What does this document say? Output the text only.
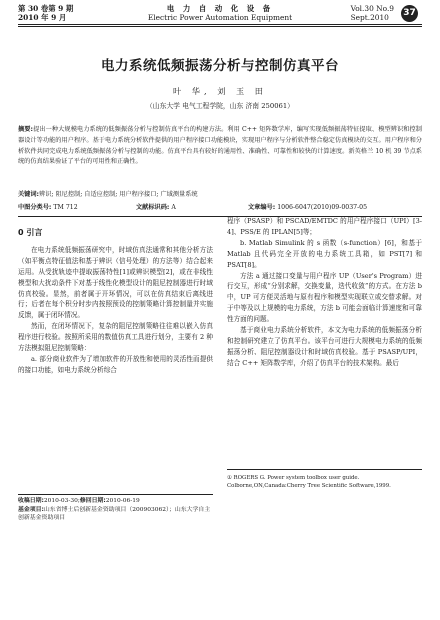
第 30 卷第 9 期
2010 年 9 月
电 力 自 动 化 设 备
Electric Power Automation Equipment
Vol.30 No.9
Sept.2010	37
电力系统低频振荡分析与控制仿真平台
叶 华, 刘 玉 田
（山东大学 电气工程学院，山东 济南 250061）
摘要:提出一种大规模电力系统的低频振荡分析与控制仿真平台的构建方法。利用 C++ 矩阵数学库，编写实现低频振荡特征提取、模型辨识和控制器设计等功能的用户程序。基于电力系统分析软件提供的用户程序接口功能模块，实现用户程序与分析软件整合稳定仿真模块的交互。用户程序和分析软件共同完成电力系统低频振荡分析与控制的功能。仿真平台具有较好的通用性、准确性、可靠性和较快的计算速度。新英格兰 10 机 39 节点系统的仿真结果验证了平台的可用性和正确性。
关键词:辨识; 阻尼控制; 自适应控制; 用户程序接口; 广域测量系统
中图分类号: TM 712	文献标识码: A	文章编号: 1006-6047(2010)09-0037-05
0 引言

在电力系统低频振荡研究中，时域仿真法通常和其他分析方法（如平衡点特征值法和基于辨识（信号处理）的方法等）结合起来运用。从受扰轨迹中提取振荡特性[1]或辨识模型[2]，或在非线性模型和大扰动条件下对基于线性化模型设计的阻尼控制器进行时域仿真校验。显然，前者属于开环情况，可以在仿真结束后离线进行；后者在每个积分时步内按照预设的控制策略计算控制量并实施反馈，属于闭环情况。

然而，在闭环情况下，复杂的阻尼控制策略往往难以嵌入仿真程序进行校验。按照所采用的数值仿真工具进行划分，主要有 2 种方法模拟阻尼控制策略：

a. 部分商业软件为了增加软件的开放性和使用的灵活性而提供的接口功能，如电力系统分析综合

收稿日期:2010-03-30;修回日期:2010-06-19
基金项目:山东省博士后创新基金资助项目（200903062）；山东大学自主创新基金资助项目

程序（PSASP）和 PSCAD/EMTDC 的用户程序接口（UPI）[3-4]、PSS/E 的 IPLAN[5]等；

b. Matlab Simulink 的 s 函数（s-function）[6]，和基于 Matlab 且代码完全开放的电力系统工具箱，如 PST[7] 和 PSAT[8]。

方法 a 通过接口变量与用户程序 UP（User's Program）进行交互，形成“分别求解，交换变量，迭代收敛”的方式。在方法 b 中，UP 可方便灵活地与原有程序和模型实现联立或交替求解。对于中等及以上规模的电力系统，方法 b 可能会面临计算速度和可靠性方面的问题。

基于商业电力系统分析软件，本文为电力系统的低频振荡分析和控制研究建立了仿真平台。该平台可进行大规模电力系统的低频振荡分析、阻尼控制器设计和时域仿真校验。基于 PSASP/UPI，结合 C++ 矩阵数学库，介绍了仿真平台的技术架构。最后

① ROGERS G. Power system toolbox user guide. Colborne,ON,Canada:Cherry Tree Scientific Software,1999.
